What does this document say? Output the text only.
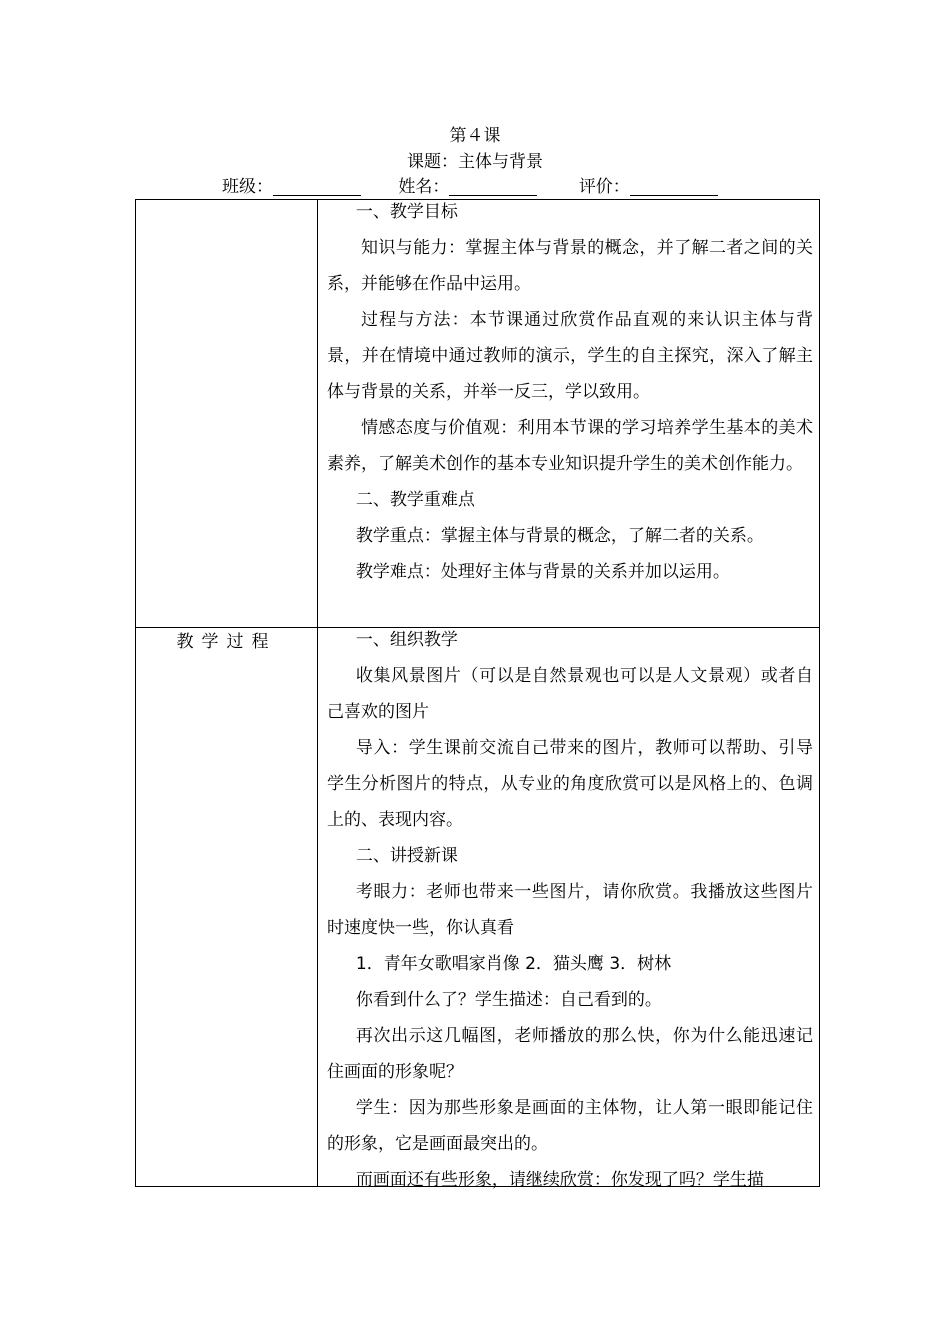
第４课
课题：主体与背景
班级：	姓名：	评价：
教学过程

一、教学目标

知识与能力：掌握主体与背景的概念，并了解二者之间的关系，并能够在作品中运用。

过程与方法：本节课通过欣赏作品直观的来认识主体与背景，并在情境中通过教师的演示，学生的自主探究，深入了解主体与背景的关系，并举一反三，学以致用。

情感态度与价值观：利用本节课的学习培养学生基本的美术素养，了解美术创作的基本专业知识提升学生的美术创作能力。

二、教学重难点

教学重点：掌握主体与背景的概念，了解二者的关系。

教学难点：处理好主体与背景的关系并加以运用。

一、组织教学

收集风景图片（可以是自然景观也可以是人文景观）或者自己喜欢的图片

导入：学生课前交流自己带来的图片，教师可以帮助、引导学生分析图片的特点，从专业的角度欣赏可以是风格上的、色调上的、表现内容。

二、讲授新课

考眼力：老师也带来一些图片，请你欣赏。我播放这些图片时速度快一些，你认真看

1．青年女歌唱家肖像 2．猫头鹰 3．树林

你看到什么了？学生描述：自己看到的。

再次出示这几幅图，老师播放的那么快，你为什么能迅速记住画面的形象呢？

学生：因为那些形象是画面的主体物，让人第一眼即能记住的形象，它是画面最突出的。

而画面还有些形象，请继续欣赏：你发现了吗？学生描
